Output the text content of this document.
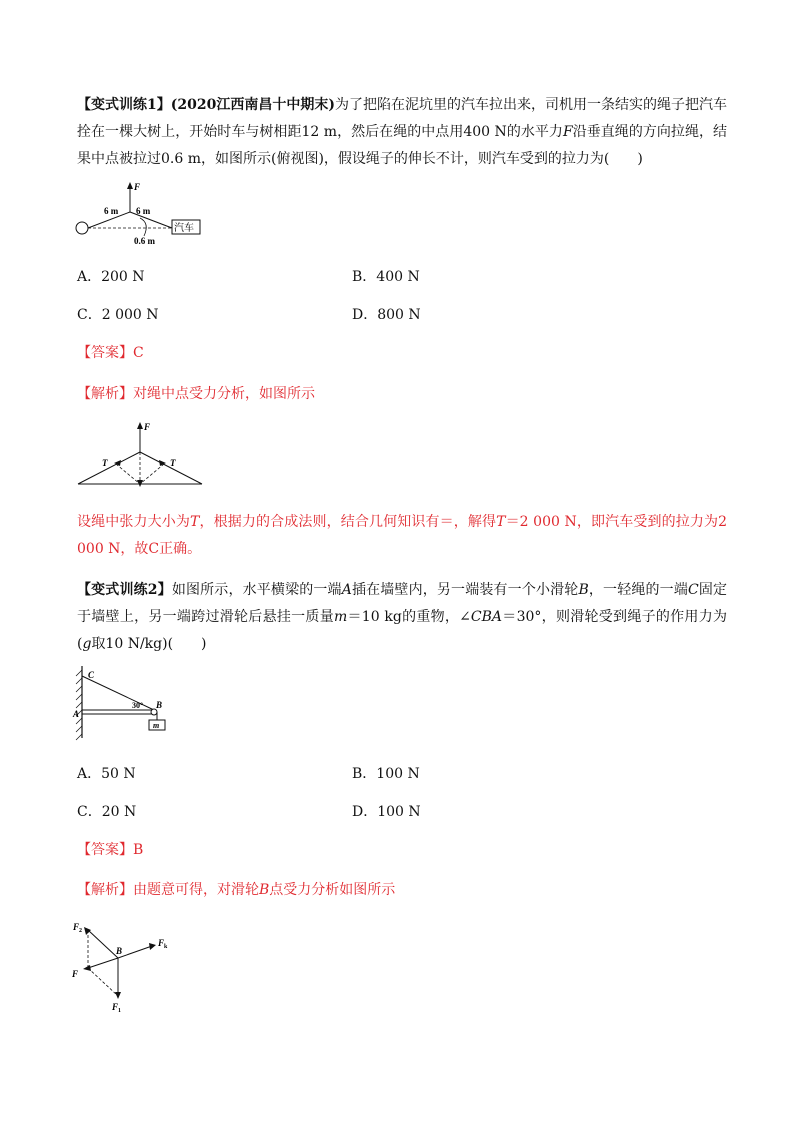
【变式训练1】(2020江西南昌十中期末)为了把陷在泥坑里的汽车拉出来，司机用一条结实的绳子把汽车拴在一棵大树上，开始时车与树相距12 m，然后在绳的中点用400 N的水平力F沿垂直绳的方向拉绳，结果中点被拉过0.6 m，如图所示(俯视图)，假设绳子的伸长不计，则汽车受到的拉力为(　　)

F
6 m 6 m
0.6 m
汽车
A．200 N	B．400 N
C．2 000 N	D．800 N
【答案】C
【解析】对绳中点受力分析，如图所示
F
T	T

设绳中张力大小为T，根据力的合成法则，结合几何知识有＝，解得T＝2 000 N，即汽车受到的拉力为2 000 N，故C正确。

【变式训练2】如图所示，水平横梁的一端A插在墙壁内，另一端装有一个小滑轮B，一轻绳的一端C固定于墙壁上，另一端跨过滑轮后悬挂一质量m＝10 kg的重物，∠CBA＝30°，则滑轮受到绳子的作用力为(g取10 N/kg)(　　)

C
A
B
30°
m
A．50 N	B．100 N
C．20 N	D．100 N
【答案】B
【解析】由题意可得，对滑轮B点受力分析如图所示
$F_2$
B
$F_k$
F
$F_1$
